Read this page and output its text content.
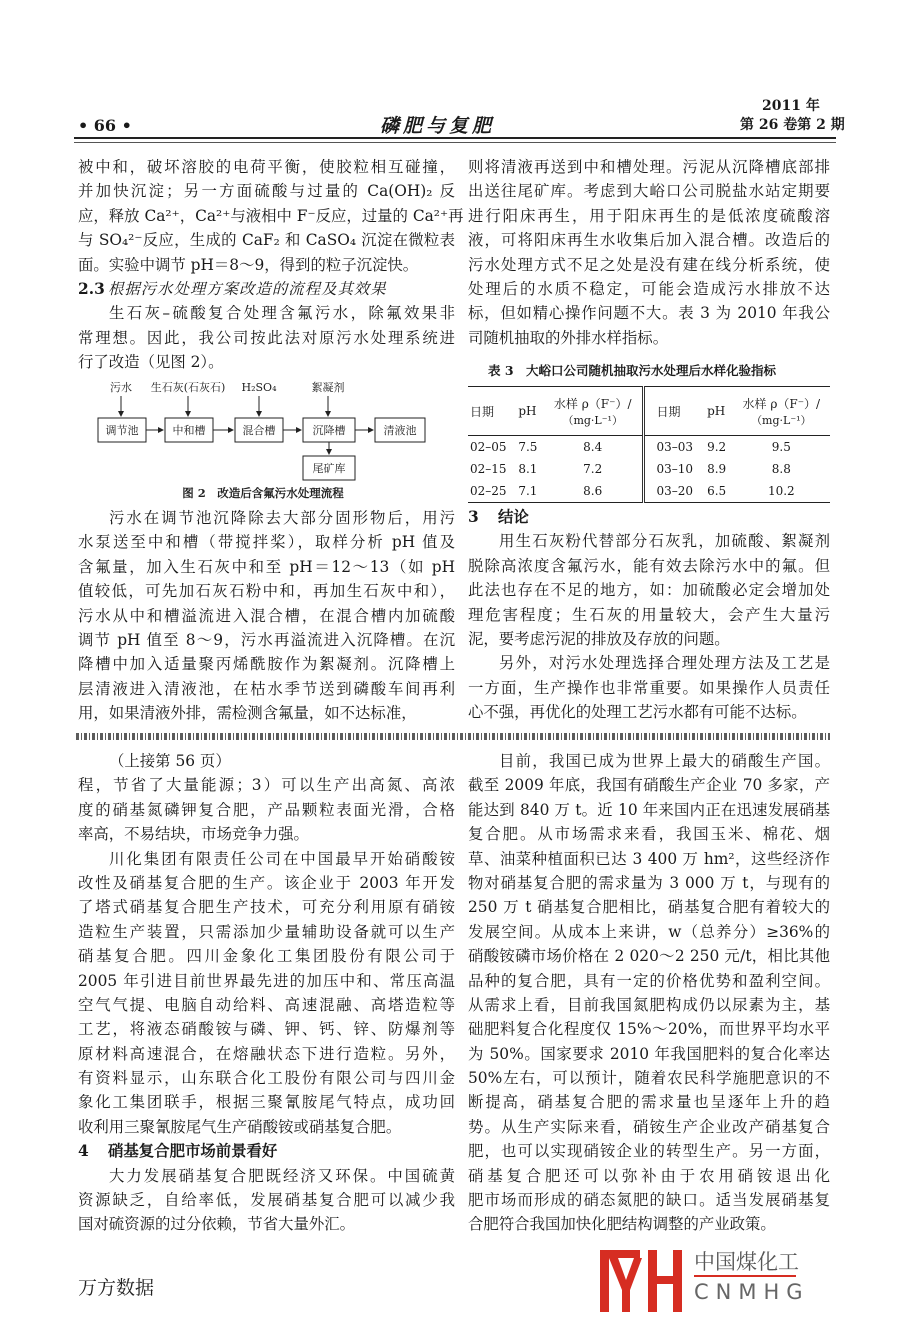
• 66 •	磷肥与复肥
2011 年
第 26 卷第 2 期
被中和，破坏溶胶的电荷平衡，使胶粒相互碰撞，
并加快沉淀；另一方面硫酸与过量的 Ca(OH)₂ 反
应，释放 Ca²⁺，Ca²⁺与液相中 F⁻反应，过量的 Ca²⁺再
与 SO₄²⁻反应，生成的 CaF₂ 和 CaSO₄ 沉淀在微粒表
面。实验中调节 pH＝8～9，得到的粒子沉淀快。
2.3 根据污水处理方案改造的流程及其效果
生石灰–硫酸复合处理含氟污水，除氟效果非
常理想。因此，我公司按此法对原污水处理系统进
行了改造（见图 2）。
污水 生石灰(石灰石) H₂SO₄	絮凝剂
调节池	中和槽	混合槽	沉降槽	清液池
尾矿库
图 2　改造后含氟污水处理流程
污水在调节池沉降除去大部分固形物后，用污
水泵送至中和槽（带搅拌桨），取样分析 pH 值及
含氟量，加入生石灰中和至 pH＝12～13（如 pH
值较低，可先加石灰石粉中和，再加生石灰中和），
污水从中和槽溢流进入混合槽，在混合槽内加硫酸
调节 pH 值至 8～9，污水再溢流进入沉降槽。在沉
降槽中加入适量聚丙烯酰胺作为絮凝剂。沉降槽上
层清液进入清液池，在枯水季节送到磷酸车间再利
用，如果清液外排，需检测含氟量，如不达标准，
则将清液再送到中和槽处理。污泥从沉降槽底部排
出送往尾矿库。考虑到大峪口公司脱盐水站定期要
进行阳床再生，用于阳床再生的是低浓度硫酸溶
液，可将阳床再生水收集后加入混合槽。改造后的
污水处理方式不足之处是没有建在线分析系统，使
处理后的水质不稳定，可能会造成污水排放不达
标，但如精心操作问题不大。表 3 为 2010 年我公
司随机抽取的外排水样指标。
表 3　大峪口公司随机抽取污水处理后水样化验指标
日期	pH	水样 ρ（F⁻）/
（mg·L⁻¹）	日期	pH	水样 ρ（F⁻）/
（mg·L⁻¹）

02–05	7.5	8.4	03–03	9.2	9.5
02–15	8.1	7.2	03–10	8.9	8.8
02–25	7.1	8.6	03–20	6.5	10.2
3 结论
用生石灰粉代替部分石灰乳，加硫酸、絮凝剂
脱除高浓度含氟污水，能有效去除污水中的氟。但
此法也存在不足的地方，如：加硫酸必定会增加处
理危害程度；生石灰的用量较大，会产生大量污
泥，要考虑污泥的排放及存放的问题。
另外，对污水处理选择合理处理方法及工艺是
一方面，生产操作也非常重要。如果操作人员责任
心不强，再优化的处理工艺污水都有可能不达标。
（上接第 56 页）
程，节省了大量能源；3）可以生产出高氮、高浓
度的硝基氮磷钾复合肥，产品颗粒表面光滑，合格
率高，不易结块，市场竞争力强。
川化集团有限责任公司在中国最早开始硝酸铵
改性及硝基复合肥的生产。该企业于 2003 年开发
了塔式硝基复合肥生产技术，可充分利用原有硝铵
造粒生产装置，只需添加少量辅助设备就可以生产
硝基复合肥。四川金象化工集团股份有限公司于
2005 年引进目前世界最先进的加压中和、常压高温
空气气提、电脑自动给料、高速混融、高塔造粒等
工艺，将液态硝酸铵与磷、钾、钙、锌、防爆剂等
原材料高速混合，在熔融状态下进行造粒。另外，
有资料显示，山东联合化工股份有限公司与四川金
象化工集团联手，根据三聚氰胺尾气特点，成功回
收利用三聚氰胺尾气生产硝酸铵或硝基复合肥。
4 硝基复合肥市场前景看好
大力发展硝基复合肥既经济又环保。中国硫黄
资源缺乏，自给率低，发展硝基复合肥可以减少我
国对硫资源的过分依赖，节省大量外汇。
目前，我国已成为世界上最大的硝酸生产国。
截至 2009 年底，我国有硝酸生产企业 70 多家，产
能达到 840 万 t。近 10 年来国内正在迅速发展硝基
复合肥。从市场需求来看，我国玉米、棉花、烟
草、油菜种植面积已达 3 400 万 hm²，这些经济作
物对硝基复合肥的需求量为 3 000 万 t，与现有的
250 万 t 硝基复合肥相比，硝基复合肥有着较大的
发展空间。从成本上来讲，w（总养分）≥36%的
硝酸铵磷市场价格在 2 020～2 250 元/t，相比其他
品种的复合肥，具有一定的价格优势和盈利空间。
从需求上看，目前我国氮肥构成仍以尿素为主，基
础肥料复合化程度仅 15%～20%，而世界平均水平
为 50%。国家要求 2010 年我国肥料的复合化率达
50%左右，可以预计，随着农民科学施肥意识的不
断提高，硝基复合肥的需求量也呈逐年上升的趋
势。从生产实际来看，硝铵生产企业改产硝基复合
肥，也可以实现硝铵企业的转型生产。另一方面，
硝基复合肥还可以弥补由于农用硝铵退出化
肥市场而形成的硝态氮肥的缺口。适当发展硝基复
合肥符合我国加快化肥结构调整的产业政策。
中国煤化工
CNMHG
万方数据
